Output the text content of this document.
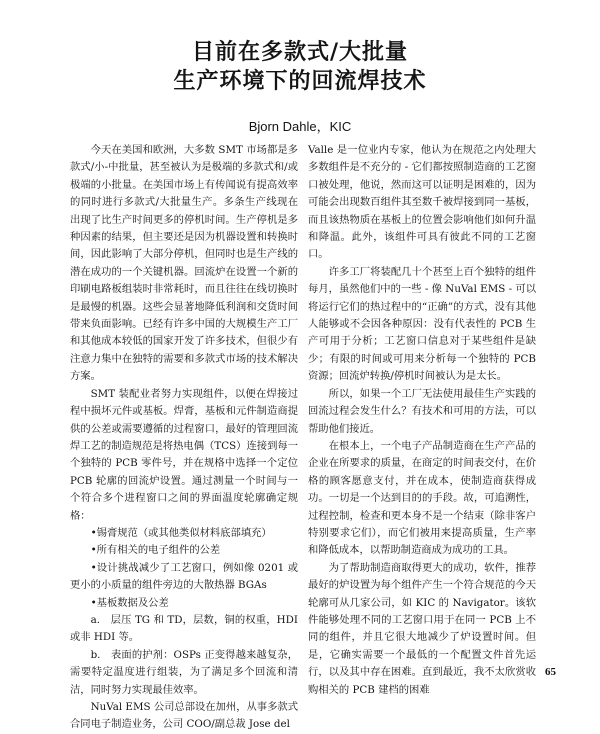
目前在多款式/大批量
生产环境下的回流焊技术
Bjorn Dahle，KIC

今天在美国和欧洲，大多数 SMT 市场都是多款式/小-中批量，甚至被认为是极端的多款式和/或极端的小批量。在美国市场上有传闻说有提高效率的同时进行多款式/大批量生产。多条生产线现在出现了比生产时间更多的停机时间。生产停机是多种因素的结果，但主要还是因为机器设置和转换时间，因此影响了大部分停机，但同时也是生产线的潜在成功的一个关键机器。回流炉在设置一个新的印刷电路板组装时非常耗时，而且往往在线切换时是最慢的机器。这些会显著地降低利润和交货时间带来负面影响。已经有许多中国的大规模生产工厂和其他成本较低的国家开发了许多技术，但很少有注意力集中在独特的需要和多款式市场的技术解决方案。

SMT 装配业者努力实现组件，以便在焊接过程中损坏元件或基板。焊膏，基板和元件制造商提供的公差或需要遵循的过程窗口，最好的管理回流焊工艺的制造规范是将热电偶（TCS）连接到每一个独特的 PCB 零件号，并在规格中选择一个定位 PCB 轮廓的回流炉设置。通过测量一个时间与一个符合多个进程窗口之间的界面温度轮廓确定规格：

•锡膏规范（或其他类似材料底部填充）

•所有相关的电子组件的公差

•设计挑战减少了工艺窗口，例如像 0201 或更小的小质量的组件旁边的大散热器 BGAs

•基板数据及公差

a.　层压 TG 和 TD，层数，铜的权重，HDI 或非 HDI 等。

b.　表面的护剂：OSPs 正变得越来越复杂，需要特定温度进行组装，为了满足多个回流和清洁，同时努力实现最佳效率。

NuVal EMS 公司总部设在加州，从事多款式合同电子制造业务，公司 COO/副总裁 Jose del

Valle 是一位业内专家，他认为在规范之内处理大多数组件是不充分的 - 它们都按照制造商的工艺窗口被处理，他说，然而这可以证明是困难的，因为可能会出现数百组件其至数千被焊接到同一基板，而且该热物质在基板上的位置会影响他们如何升温和降温。此外，该组件可具有彼此不同的工艺窗口。

许多工厂将装配几十个甚至上百个独特的组件每月，虽然他们中的一些 - 像 NuVal EMS - 可以将运行它们的热过程中的“正确”的方式，没有其他人能够或不会因各种原因：没有代表性的 PCB 生产可用于分析；工艺窗口信息对于某些组件是缺少；有限的时间或可用来分析每一个独特的 PCB 资源；回流炉转换/停机时间被认为是太长。

所以，如果一个工厂无法使用最佳生产实践的回流过程会发生什么？有技术和可用的方法，可以帮助他们接近。

在根本上，一个电子产品制造商在生产产品的企业在所要求的质量，在商定的时间表交付，在价格的顾客愿意支付，并在成本，使制造商获得成功。一切是一个达到目的的手段。故，可追溯性，过程控制，检查和更本身不是一个结束（除非客户特别要求它们），而它们被用来提高质量，生产率和降低成本，以帮助制造商成为成功的工具。

为了帮助制造商取得更大的成功，软件，推荐最好的炉设置为每个组件产生一个符合规范的今天轮廓可从几家公司，如 KIC 的 Navigator。该软件能够处理不同的工艺窗口用于在同一 PCB 上不同的组件，并且它很大地减少了炉设置时间。但是，它确实需要一个最低的一个配置文件首先运行，以及其中存在困难。直到最近，我不太欣赏收购相关的 PCB 建档的困难

65
